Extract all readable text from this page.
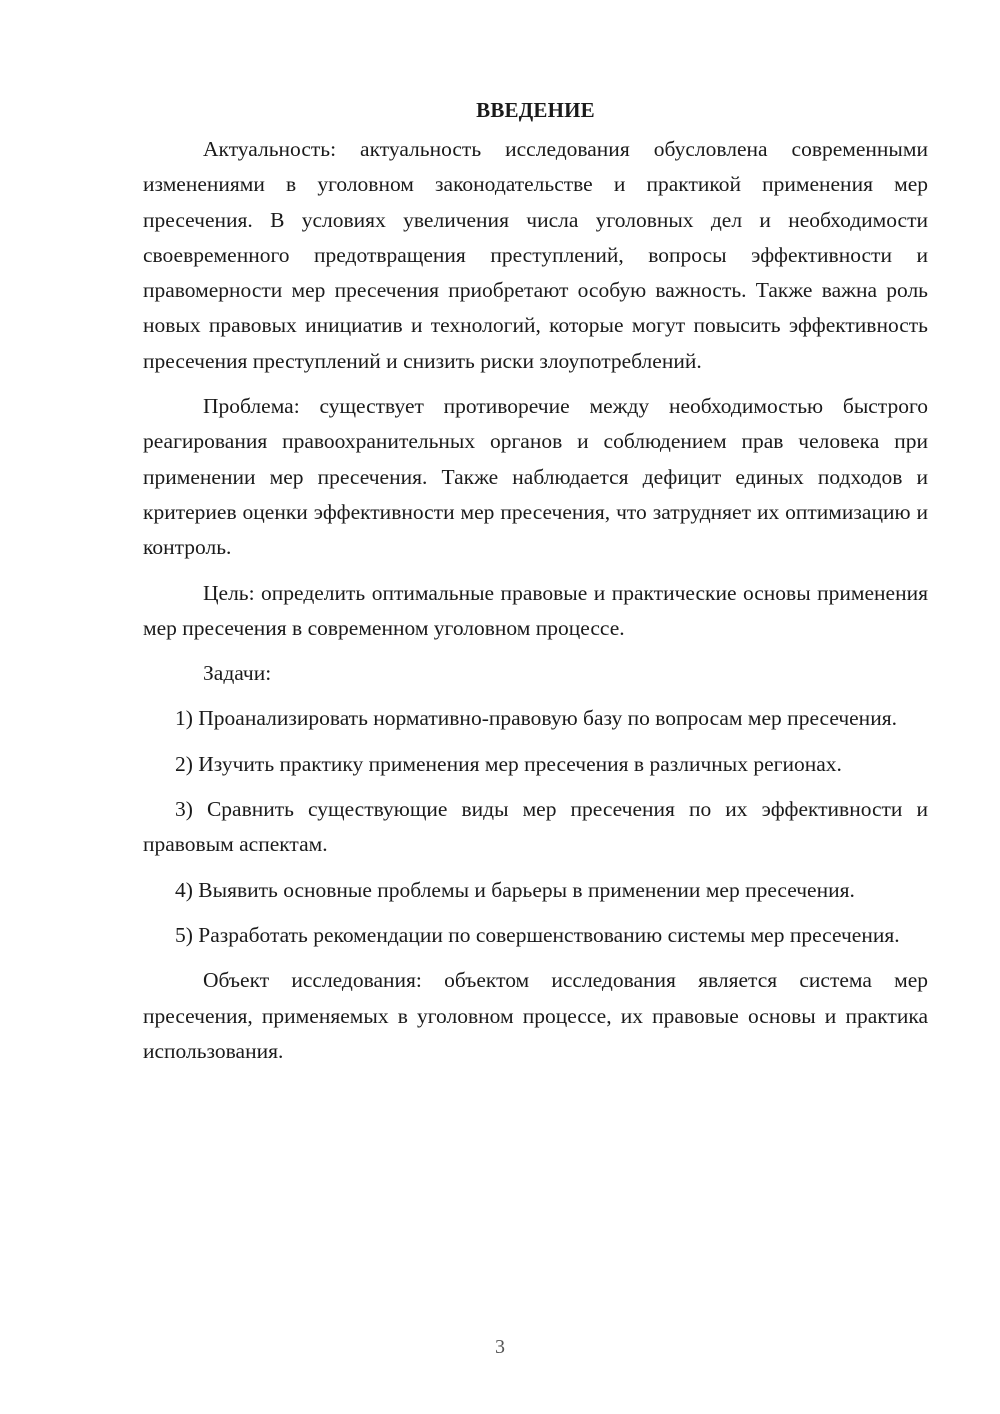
ВВЕДЕНИЕ

Актуальность: актуальность исследования обусловлена современными изменениями в уголовном законодательстве и практикой применения мер пресечения. В условиях увеличения числа уголовных дел и необходимости своевременного предотвращения преступлений, вопросы эффективности и правомерности мер пресечения приобретают особую важность. Также важна роль новых правовых инициатив и технологий, которые могут повысить эффективность пресечения преступлений и снизить риски злоупотреблений.

Проблема: существует противоречие между необходимостью быстрого реагирования правоохранительных органов и соблюдением прав человека при применении мер пресечения. Также наблюдается дефицит единых подходов и критериев оценки эффективности мер пресечения, что затрудняет их оптимизацию и контроль.

Цель: определить оптимальные правовые и практические основы применения мер пресечения в современном уголовном процессе.

Задачи:

1) Проанализировать нормативно-правовую базу по вопросам мер пресечения.

2) Изучить практику применения мер пресечения в различных регионах.

3) Сравнить существующие виды мер пресечения по их эффективности и правовым аспектам.

4) Выявить основные проблемы и барьеры в применении мер пресечения.

5) Разработать рекомендации по совершенствованию системы мер пресечения.

Объект исследования: объектом исследования является система мер пресечения, применяемых в уголовном процессе, их правовые основы и практика использования.

3
